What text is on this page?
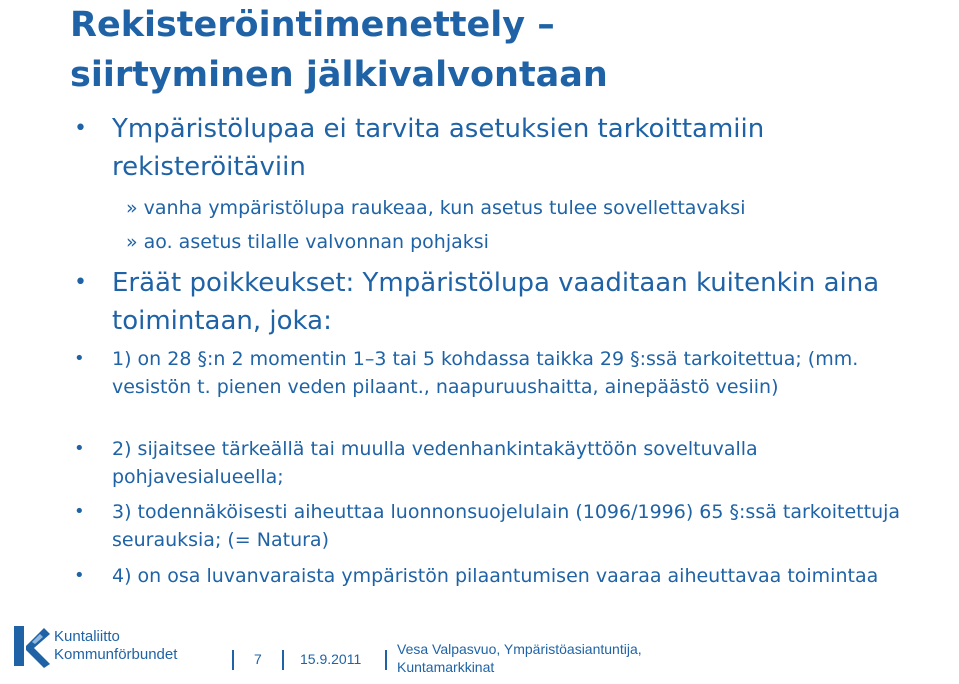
Rekisteröintimenettely –
siirtyminen jälkivalvontaan
• Ympäristölupaa ei tarvita asetuksien tarkoittamiin rekisteröitäviin
» vanha ympäristölupa raukeaa, kun asetus tulee sovellettavaksi
» ao. asetus tilalle valvonnan pohjaksi
• Eräät poikkeukset: Ympäristölupa vaaditaan kuitenkin aina toimintaan, joka:
• 1) on 28 §:n 2 momentin 1–3 tai 5 kohdassa taikka 29 §:ssä tarkoitettua; (mm. vesistön t. pienen veden pilaant., naapuruushaitta, ainepäästö vesiin)
• 2) sijaitsee tärkeällä tai muulla vedenhankintakäyttöön soveltuvalla pohjavesialueella;
• 3) todennäköisesti aiheuttaa luonnonsuojelulain (1096/1996) 65 §:ssä tarkoitettuja seurauksia; (= Natura)
• 4) on osa luvanvaraista ympäristön pilaantumisen vaaraa aiheuttavaa toimintaa
Kuntaliitto
Kommunförbundet	7	15.9.2011
Vesa Valpasvuo, Ympäristöasiantuntija,
Kuntamarkkinat
